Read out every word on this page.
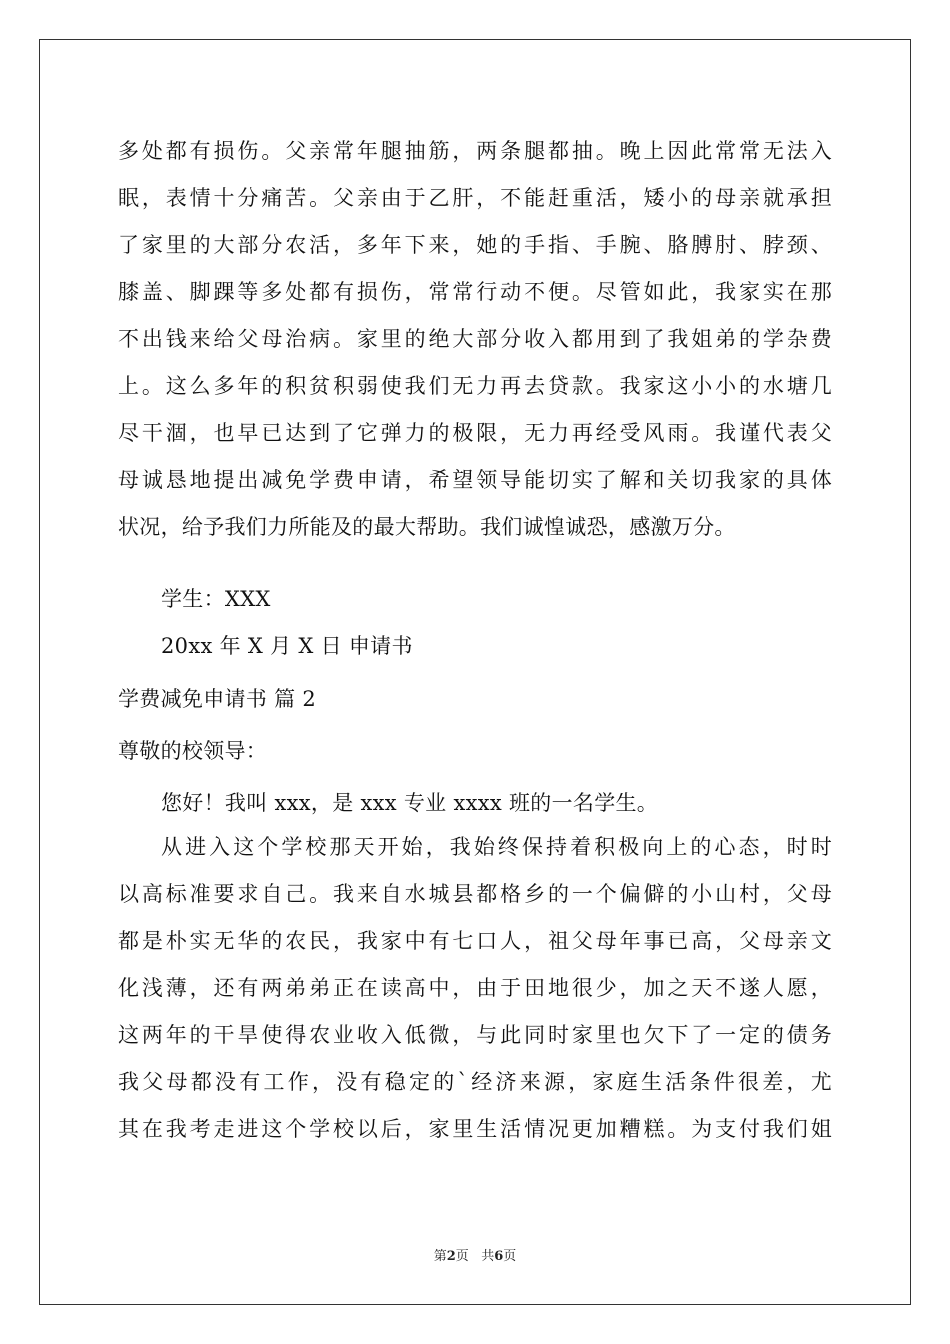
多处都有损伤。父亲常年腿抽筋，两条腿都抽。晚上因此常常无法入
眠，表情十分痛苦。父亲由于乙肝，不能赶重活，矮小的母亲就承担
了家里的大部分农活，多年下来，她的手指、手腕、胳膊肘、脖颈、
膝盖、脚踝等多处都有损伤，常常行动不便。尽管如此，我家实在那
不出钱来给父母治病。家里的绝大部分收入都用到了我姐弟的学杂费
上。这么多年的积贫积弱使我们无力再去贷款。我家这小小的水塘几
尽干涸，也早已达到了它弹力的极限，无力再经受风雨。我谨代表父
母诚恳地提出减免学费申请，希望领导能切实了解和关切我家的具体
状况，给予我们力所能及的最大帮助。我们诚惶诚恐，感激万分。
学生：XXX
20xx 年 X 月 X 日 申请书
学费减免申请书 篇 2
尊敬的校领导：
您好！我叫 xxx，是 xxx 专业 xxxx 班的一名学生。
从进入这个学校那天开始，我始终保持着积极向上的心态，时时
以高标准要求自己。我来自水城县都格乡的一个偏僻的小山村，父母
都是朴实无华的农民，我家中有七口人，祖父母年事已高，父母亲文
化浅薄，还有两弟弟正在读高中，由于田地很少，加之天不遂人愿，
这两年的干旱使得农业收入低微，与此同时家里也欠下了一定的债务
我父母都没有工作，没有稳定的`经济来源，家庭生活条件很差，尤
其在我考走进这个学校以后，家里生活情况更加糟糕。为支付我们姐
第2页 共6页
